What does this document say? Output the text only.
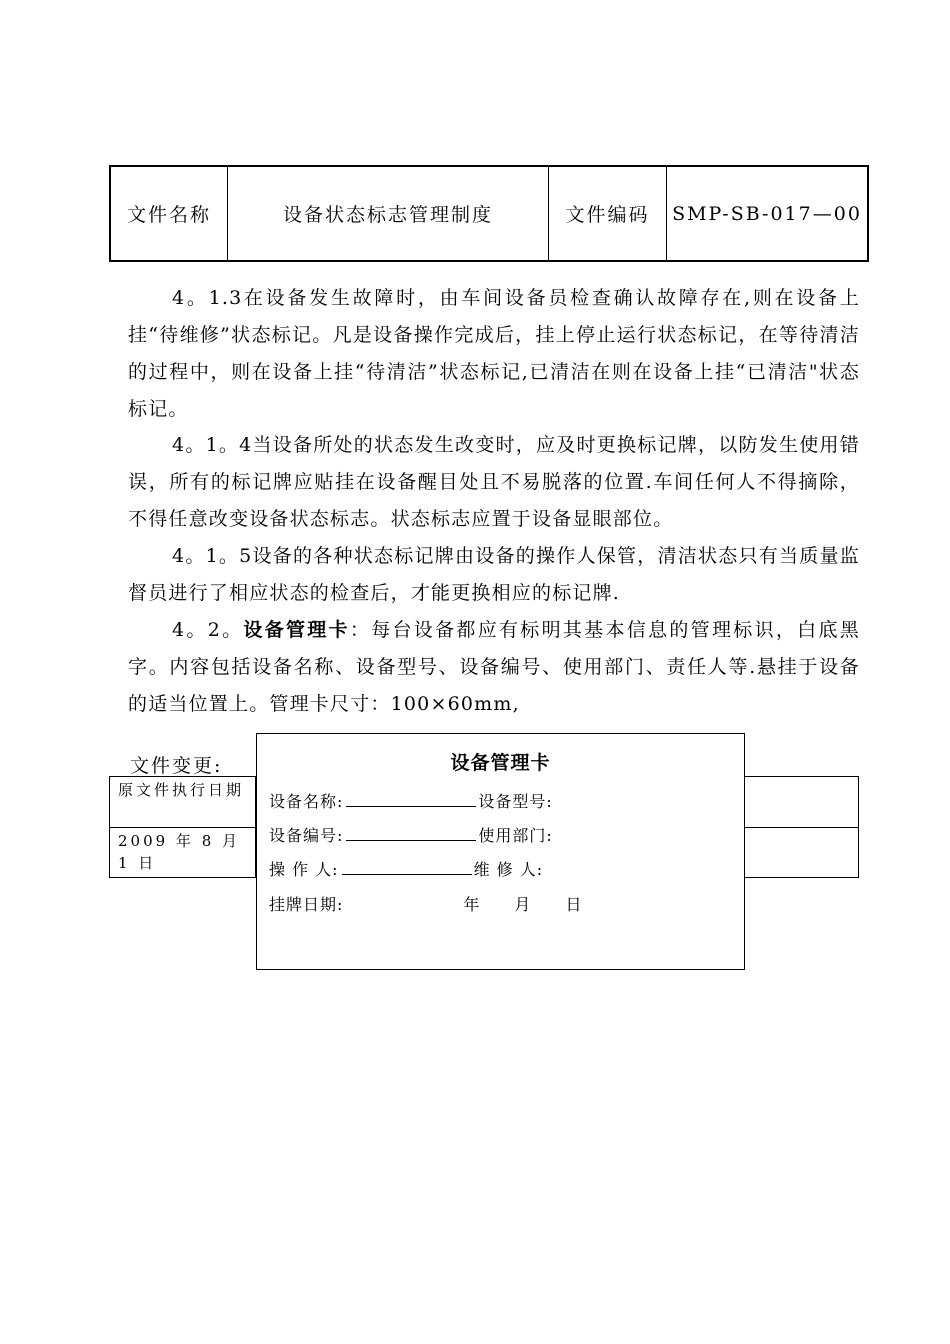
文件名称	设备状态标志管理制度	文件编码	SMP-SB-017—00
4。1.3在设备发生故障时，由车间设备员检查确认故障存在,则在设备上挂“待维修”状态标记。凡是设备操作完成后，挂上停止运行状态标记，在等待清洁的过程中，则在设备上挂“待清洁”状态标记,已清洁在则在设备上挂“已清洁"状态标记。
4。1。4当设备所处的状态发生改变时，应及时更换标记牌，以防发生使用错误，所有的标记牌应贴挂在设备醒目处且不易脱落的位置.车间任何人不得摘除，不得任意改变设备状态标志。状态标志应置于设备显眼部位。
4。1。5设备的各种状态标记牌由设备的操作人保管，清洁状态只有当质量监督员进行了相应状态的检查后，才能更换相应的标记牌.
4。2。设备管理卡：每台设备都应有标明其基本信息的管理标识，白底黑字。内容包括设备名称、设备型号、设备编号、使用部门、责任人等.悬挂于设备的适当位置上。管理卡尺寸：100×60mm,
文件变更:
原文件执行日期
2009 年 8 月 1 日
设备管理卡
设备名称:	设备型号:
设备编号:	使用部门:
操 作 人:	维 修 人:
挂牌日期:	年 月 日
